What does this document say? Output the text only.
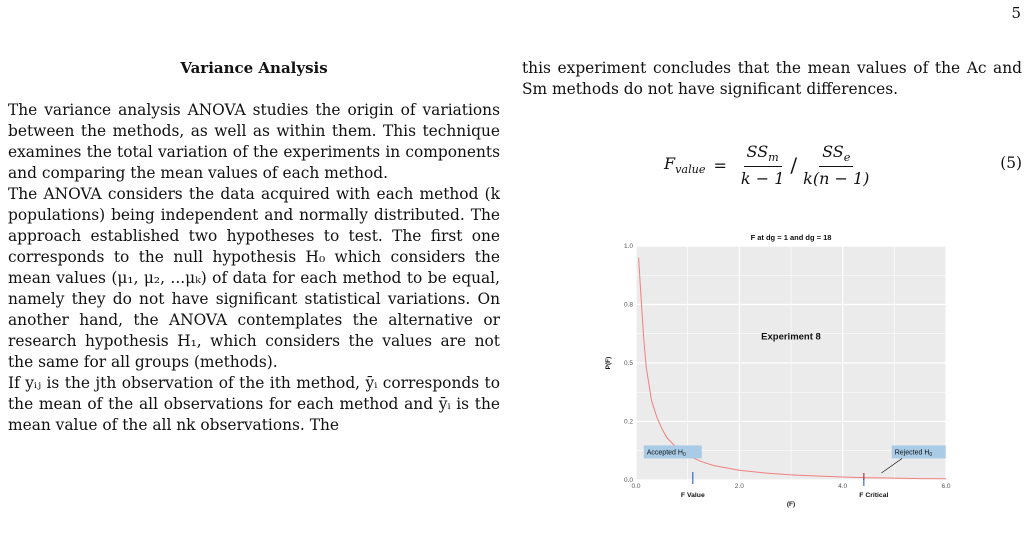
5
Variance Analysis

The variance analysis ANOVA studies the origin of variations between the methods, as well as within them. This technique examines the total variation of the experiments in components and comparing the mean values of each method.

The ANOVA considers the data acquired with each method (k populations) being independent and normally distributed. The approach established two hypotheses to test. The first one corresponds to the null hypothesis H₀ which considers the mean values (μ₁, μ₂, ...μₖ) of data for each method to be equal, namely they do not have significant statistical variations. On another hand, the ANOVA contemplates the alternative or research hypothesis H₁, which considers the values are not the same for all groups (methods).

If yᵢⱼ is the jth observation of the ith method, ȳᵢ corresponds to the mean of the all observations for each method and ȳᵢ is the mean value of the all nk observations. The

this experiment concludes that the mean values of the Ac and Sm methods do not have significant differences.

$F_{value} = \frac{SS_m}{k - 1} / \frac{SS_e}{k(n - 1)}$	(5)
0.0	2.0	4.0	6.0
0.0
0.2
0.5
0.8
1.0
F at dg = 1 and dg = 18
(F)
P(F)
Experiment 8
Accepted $H_0$	Rejected $H_0$
F Value	F Critical
